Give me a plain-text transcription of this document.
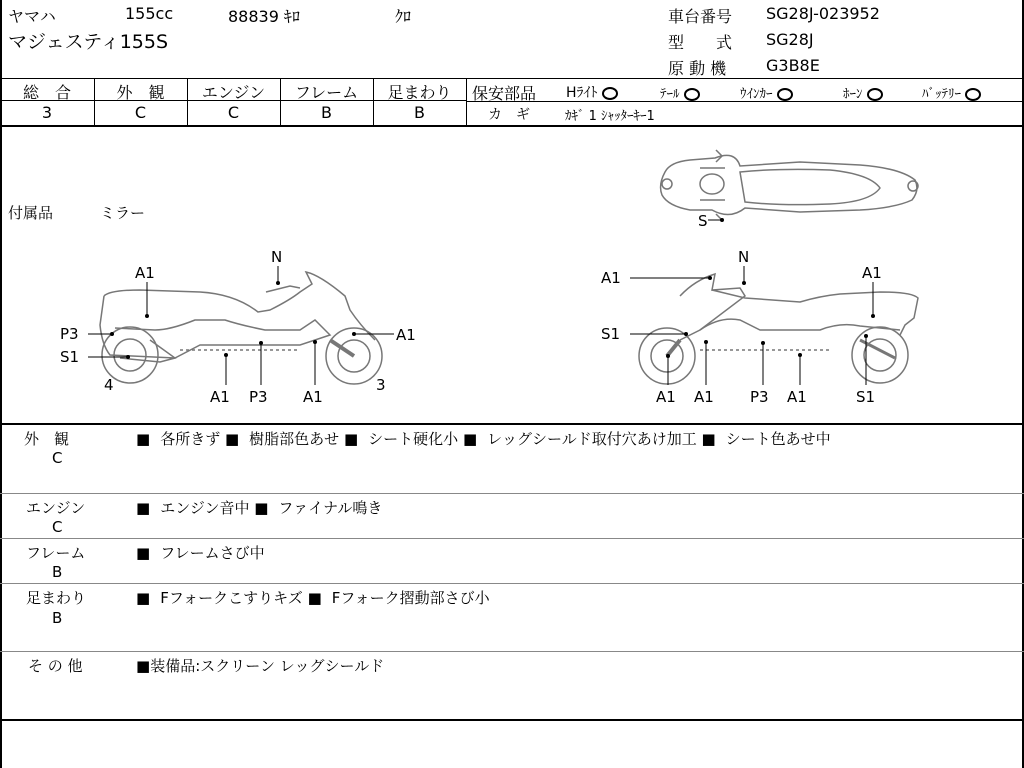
ヤマハ	155cc	88839 ｷﾛ	ｸﾛ
マジェスティ155S
車台番号 SG28J-023952
型　　式 SG28J
原 動 機 G3B8E
総　合
3
外　観
C
エンジン
C
フレーム
B
足まわり
B
保安部品 Hﾗｲﾄ	ﾃｰﾙ	ｳｲﾝｶｰ	ﾎｰﾝ	ﾊﾞｯﾃﾘｰ
カ　ギ	ｶｷﾞ 1 ｼｬｯﾀｰｷｰ1
付属品	ミラー	S
N
A1
P3
S1
4
A1 P3 A1
A1
3
N
A1	A1
S1
A1 A1 P3 A1	S1
外　観
C
■ 各所きず ■ 樹脂部色あせ ■ シート硬化小 ■ レッグシールド取付穴あけ加工 ■ シート色あせ中
エンジン
C
■ エンジン音中 ■ ファイナル鳴き
フレーム
B
■ フレームさび中
足まわり
B
■ Fフォークこすりキズ ■ Fフォーク摺動部さび小
そ の 他	■装備品:スクリーン レッグシールド
